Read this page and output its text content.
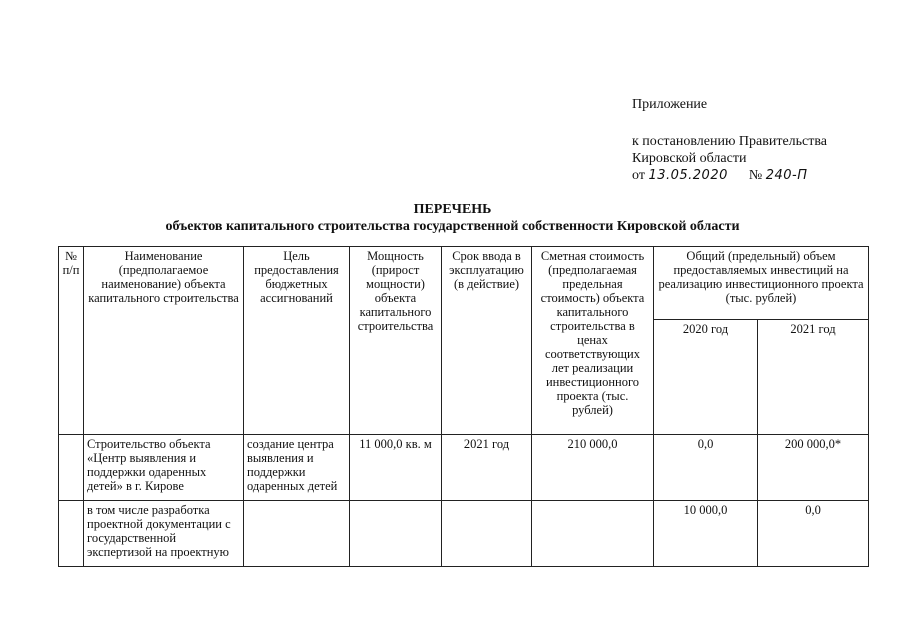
Приложение
к постановлению Правительства
Кировской области
от 13.05.2020 № 240-П
ПЕРЕЧЕНЬ
объектов капитального строительства государственной собственности Кировской области
№ п/п	Наименование (предполагаемое наименование) объекта капитального строительства	Цель предоставления бюджетных ассигнований	Мощность (прирост мощности) объекта капитального строительства	Срок ввода в эксплуатацию (в действие)	Сметная стоимость (предполагаемая предельная стоимость) объекта капитального строительства в ценах соответствующих лет реализации инвестиционного проекта (тыс. рублей)	Общий (предельный) объем предоставляемых инвестиций на реализацию инвестиционного проекта (тыс. рублей)	
						2020 год	2021 год
	Строительство объекта «Центр выявления и поддержки одаренных детей» в г. Кирове	создание центра выявления и поддержки одаренных детей	11 000,0 кв. м	2021 год	210 000,0	0,0	200 000,0*
	в том числе разработка проектной документации с государственной экспертизой на проектную					10 000,0	0,0
